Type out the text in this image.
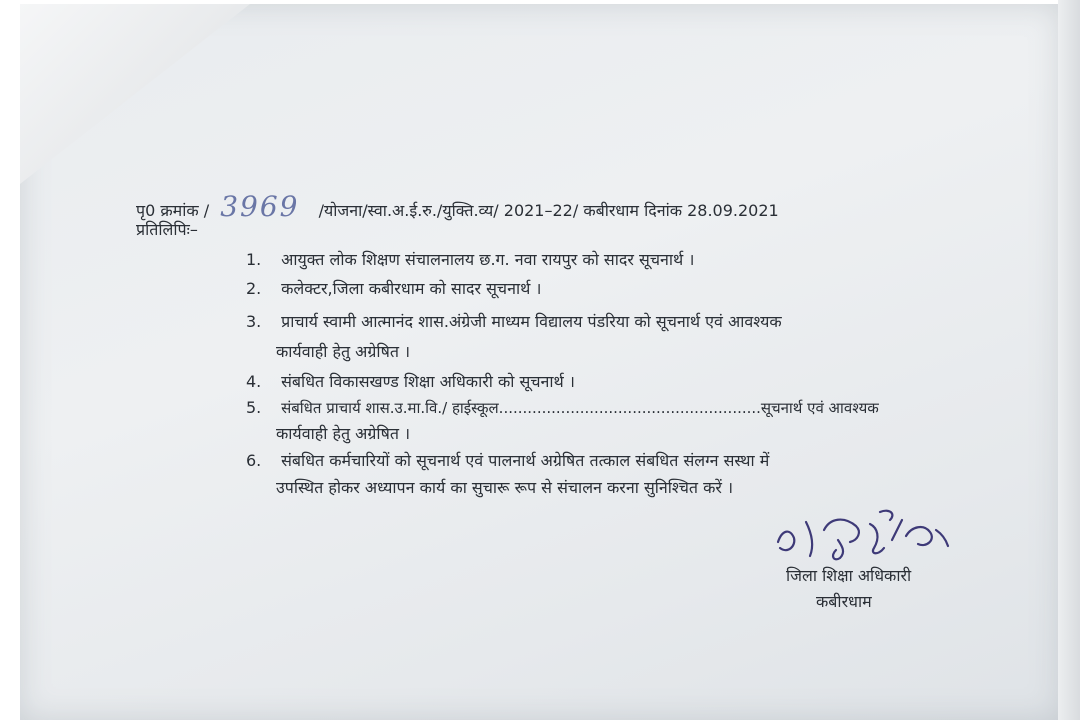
पृ0 क्रमांक / 3969 /योजना/स्वा.अ.ई.रु./युक्ति.व्य/ 2021–22/ कबीरधाम दिनांक 28.09.2021
प्रतिलिपिः–
1. आयुक्त लोक शिक्षण संचालनालय छ.ग. नवा रायपुर को सादर सूचनार्थ ।
2. कलेक्टर,जिला कबीरधाम को सादर सूचनार्थ ।
3. प्राचार्य स्वामी आत्मानंद शास.अंग्रेजी माध्यम विद्यालय पंडरिया को सूचनार्थ एवं आवश्यक
कार्यवाही हेतु अग्रेषित ।
4. संबधित विकासखण्ड शिक्षा अधिकारी को सूचनार्थ ।
5. संबधित प्राचार्य शास.उ.मा.वि./ हाईस्कूल.......................................................सूचनार्थ एवं आवश्यक
कार्यवाही हेतु अग्रेषित ।
6. संबधित कर्मचारियों को सूचनार्थ एवं पालनार्थ अग्रेषित तत्काल संबधित संलग्न सस्था में
उपस्थित होकर अध्यापन कार्य का सुचारू रूप से संचालन करना सुनिश्चित करें ।
जिला शिक्षा अधिकारी
कबीरधाम
